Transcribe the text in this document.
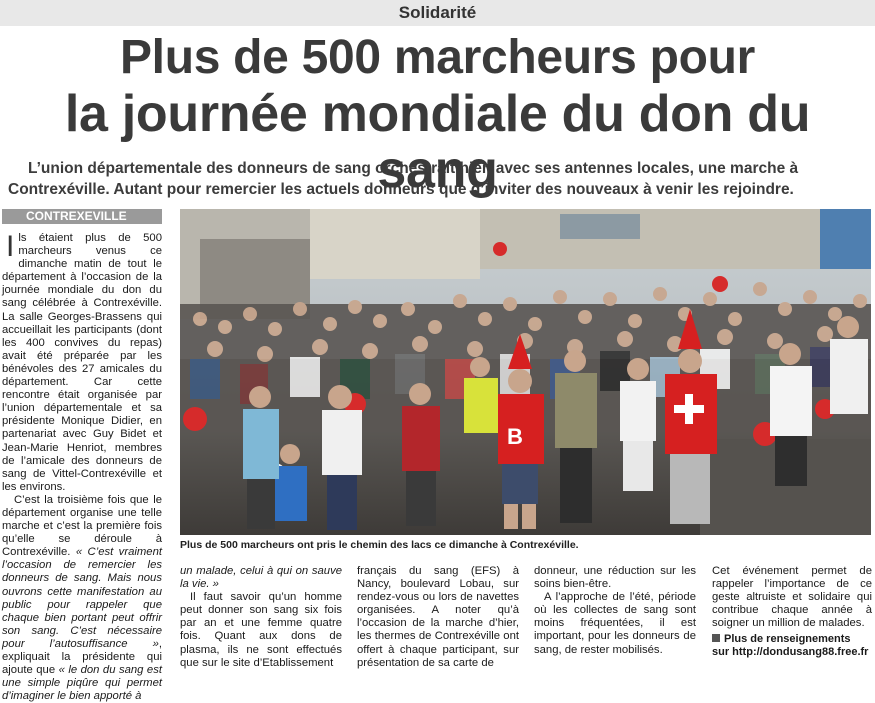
Solidarité
Plus de 500 marcheurs pour
la journée mondiale du don du sang
L’union départementale des donneurs de sang orchestrait hier, avec ses antennes locales, une marche à Contrexéville. Autant pour remercier les actuels donneurs que d’inviter des nouveaux à venir les rejoindre.
CONTREXEVILLE

Ils étaient plus de 500 marcheurs venus ce dimanche matin de tout le département à l’occasion de la journée mondiale du don du sang célébrée à Contrexéville. La salle Georges-Brassens qui accueillait les participants (dont les 400 convives du repas) avait été préparée par les bénévoles des 27 amicales du département. Car cette rencontre était organisée par l’union départementale et sa présidente Monique Didier, en partenariat avec Guy Bidet et Jean-Marie Henriot, membres de l’amicale des donneurs de sang de Vittel-Contrexéville et les environs.

C’est la troisième fois que le département organise une telle marche et c’est la première fois qu’elle se déroule à Contrexéville. « C’est vraiment l’occasion de remercier les donneurs de sang. Mais nous ouvrons cette manifestation au public pour rappeler que chaque bien portant peut offrir son sang. C’est nécessaire pour l’autosuffisance », expliquait la présidente qui ajoute que « le don du sang est une simple piqûre qui permet d’imaginer le bien apporté à

B
Plus de 500 marcheurs ont pris le chemin des lacs ce dimanche à Contrexéville.

un malade, celui à qui on sauve la vie. »

Il faut savoir qu’un homme peut donner son sang six fois par an et une femme quatre fois. Quant aux dons de plasma, ils ne sont effectués que sur le site d’Etablissement

français du sang (EFS) à Nancy, boulevard Lobau, sur rendez-vous ou lors de navettes organisées. A noter qu’à l’occasion de la marche d’hier, les thermes de Contrexéville ont offert à chaque participant, sur présentation de sa carte de

donneur, une réduction sur les soins bien-être.

A l’approche de l’été, période où les collectes de sang sont moins fréquentées, il est important, pour les donneurs de sang, de rester mobilisés.

Cet événement permet de rappeler l’importance de ce geste altruiste et solidaire qui contribue chaque année à soigner un million de malades.

Plus de renseignements
sur http://dondusang88.free.fr
